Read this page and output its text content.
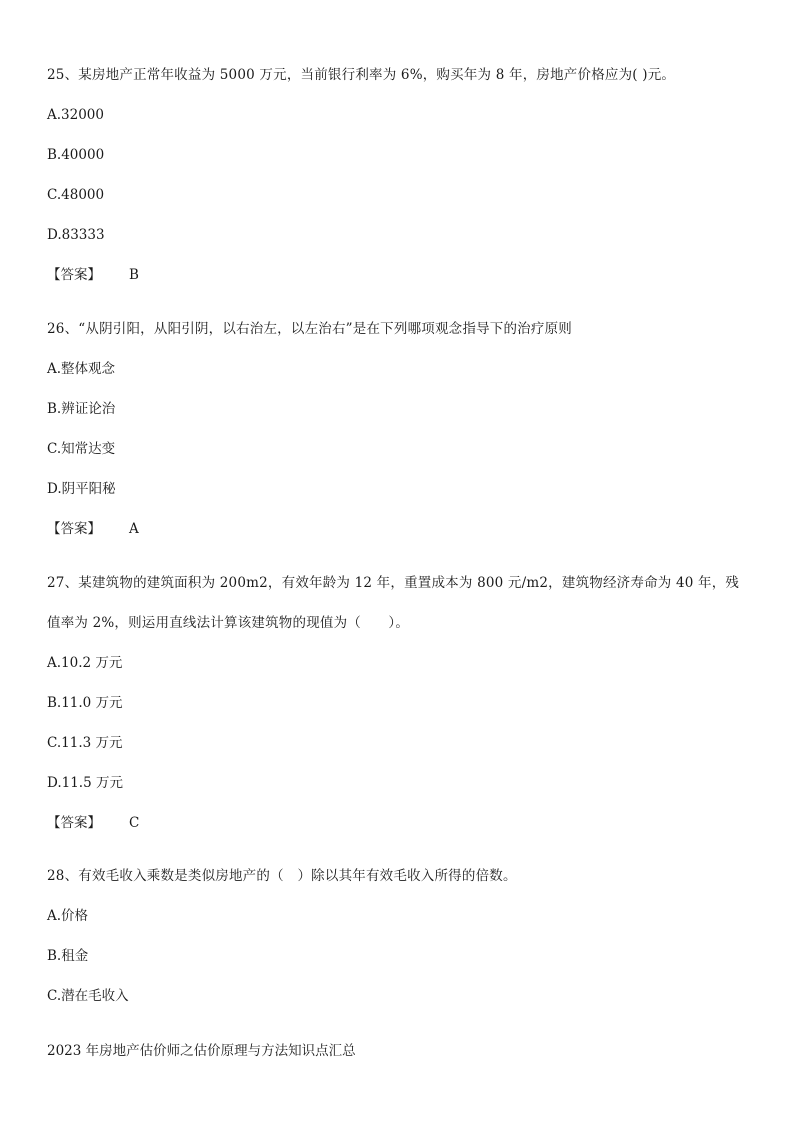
25、某房地产正常年收益为 5000 万元，当前银行利率为 6%，购买年为 8 年，房地产价格应为( )元。
A.32000
B.40000
C.48000
D.83333
【答案】 B
26、“从阴引阳，从阳引阴，以右治左，以左治右”是在下列哪项观念指导下的治疗原则
A.整体观念
B.辨证论治
C.知常达变
D.阴平阳秘
【答案】 A
27、某建筑物的建筑面积为 200m2，有效年龄为 12 年，重置成本为 800 元/m2，建筑物经济寿命为 40 年，残
值率为 2%，则运用直线法计算该建筑物的现值为（　　）。
A.10.2 万元
B.11.0 万元
C.11.3 万元
D.11.5 万元
【答案】 C
28、有效毛收入乘数是类似房地产的（　）除以其年有效毛收入所得的倍数。
A.价格
B.租金
C.潜在毛收入
2023 年房地产估价师之估价原理与方法知识点汇总
